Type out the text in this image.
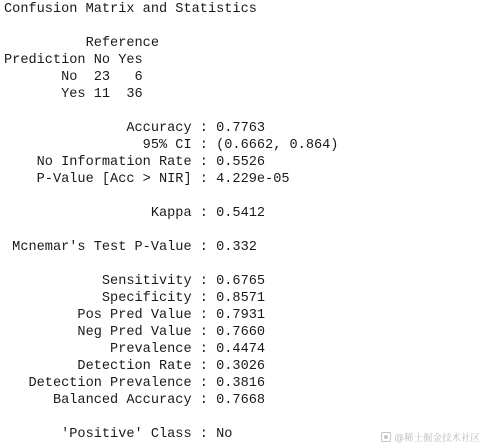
Confusion Matrix and Statistics
Reference
Prediction No Yes
No  23   6
Yes 11  36
Accuracy : 0.7763
95% CI : (0.6662, 0.864)
No Information Rate : 0.5526
P-Value [Acc > NIR] : 4.229e-05
Kappa : 0.5412
Mcnemar's Test P-Value : 0.332
Sensitivity : 0.6765
Specificity : 0.8571
Pos Pred Value : 0.7931
Neg Pred Value : 0.7660
Prevalence : 0.4474
Detection Rate : 0.3026
Detection Prevalence : 0.3816
Balanced Accuracy : 0.7668
'Positive' Class : No	@稀土掘金技术社区
